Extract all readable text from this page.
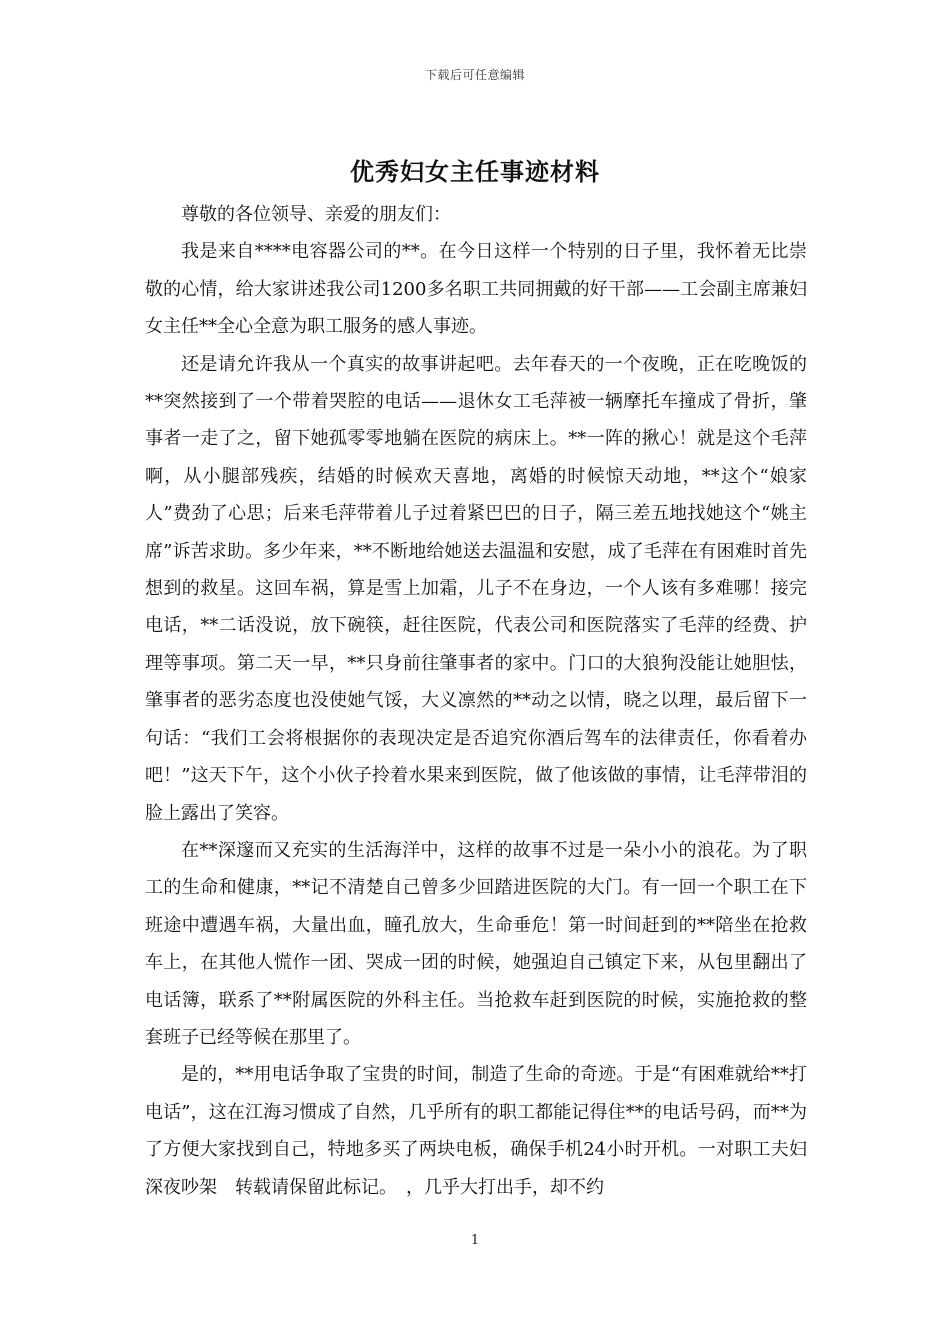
下载后可任意编辑
优秀妇女主任事迹材料

尊敬的各位领导、亲爱的朋友们：

我是来自****电容器公司的**。在今日这样一个特别的日子里，我怀着无比崇敬的心情，给大家讲述我公司1200多名职工共同拥戴的好干部——工会副主席兼妇女主任**全心全意为职工服务的感人事迹。

还是请允许我从一个真实的故事讲起吧。去年春天的一个夜晚，正在吃晚饭的**突然接到了一个带着哭腔的电话——退休女工毛萍被一辆摩托车撞成了骨折，肇事者一走了之，留下她孤零零地躺在医院的病床上。**一阵的揪心！就是这个毛萍啊，从小腿部残疾，结婚的时候欢天喜地，离婚的时候惊天动地，**这个“娘家人”费劲了心思；后来毛萍带着儿子过着紧巴巴的日子，隔三差五地找她这个“姚主席”诉苦求助。多少年来，**不断地给她送去温温和安慰，成了毛萍在有困难时首先想到的救星。这回车祸，算是雪上加霜，儿子不在身边，一个人该有多难哪！接完电话，**二话没说，放下碗筷，赶往医院，代表公司和医院落实了毛萍的经费、护理等事项。第二天一早，**只身前往肇事者的家中。门口的大狼狗没能让她胆怯，肇事者的恶劣态度也没使她气馁，大义凛然的**动之以情，晓之以理，最后留下一句话：“我们工会将根据你的表现决定是否追究你酒后驾车的法律责任，你看着办吧！”这天下午，这个小伙子拎着水果来到医院，做了他该做的事情，让毛萍带泪的脸上露出了笑容。

在**深邃而又充实的生活海洋中，这样的故事不过是一朵小小的浪花。为了职工的生命和健康，**记不清楚自己曾多少回踏进医院的大门。有一回一个职工在下班途中遭遇车祸，大量出血，瞳孔放大，生命垂危！第一时间赶到的**陪坐在抢救车上，在其他人慌作一团、哭成一团的时候，她强迫自己镇定下来，从包里翻出了电话簿，联系了**附属医院的外科主任。当抢救车赶到医院的时候，实施抢救的整套班子已经等候在那里了。

是的，**用电话争取了宝贵的时间，制造了生命的奇迹。于是“有困难就给**打电话”，这在江海习惯成了自然，几乎所有的职工都能记得住**的电话号码，而**为了方便大家找到自己，特地多买了两块电板，确保手机24小时开机。一对职工夫妇深夜吵架　转载请保留此标记。　，几乎大打出手，却不约

1
